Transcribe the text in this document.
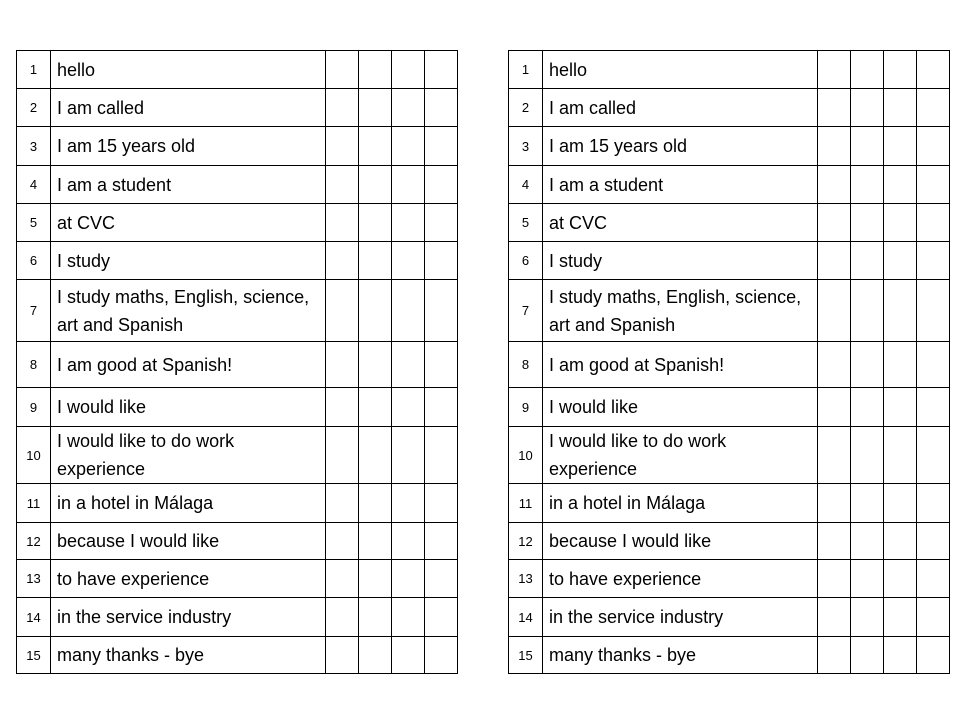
1	hello				
2	I am called				
3	I am 15 years old				
4	I am a student				
5	at CVC				
6	I study				
7	I study maths, English, science, art and Spanish				
8	I am good at Spanish!				
9	I would like				
10	I would like to do work experience				
11	in a hotel in Málaga				
12	because I would like				
13	to have experience				
14	in the service industry				
15	many thanks - bye				
1	hello				
2	I am called				
3	I am 15 years old				
4	I am a student				
5	at CVC				
6	I study				
7	I study maths, English, science, art and Spanish				
8	I am good at Spanish!				
9	I would like				
10	I would like to do work experience				
11	in a hotel in Málaga				
12	because I would like				
13	to have experience				
14	in the service industry				
15	many thanks - bye				
